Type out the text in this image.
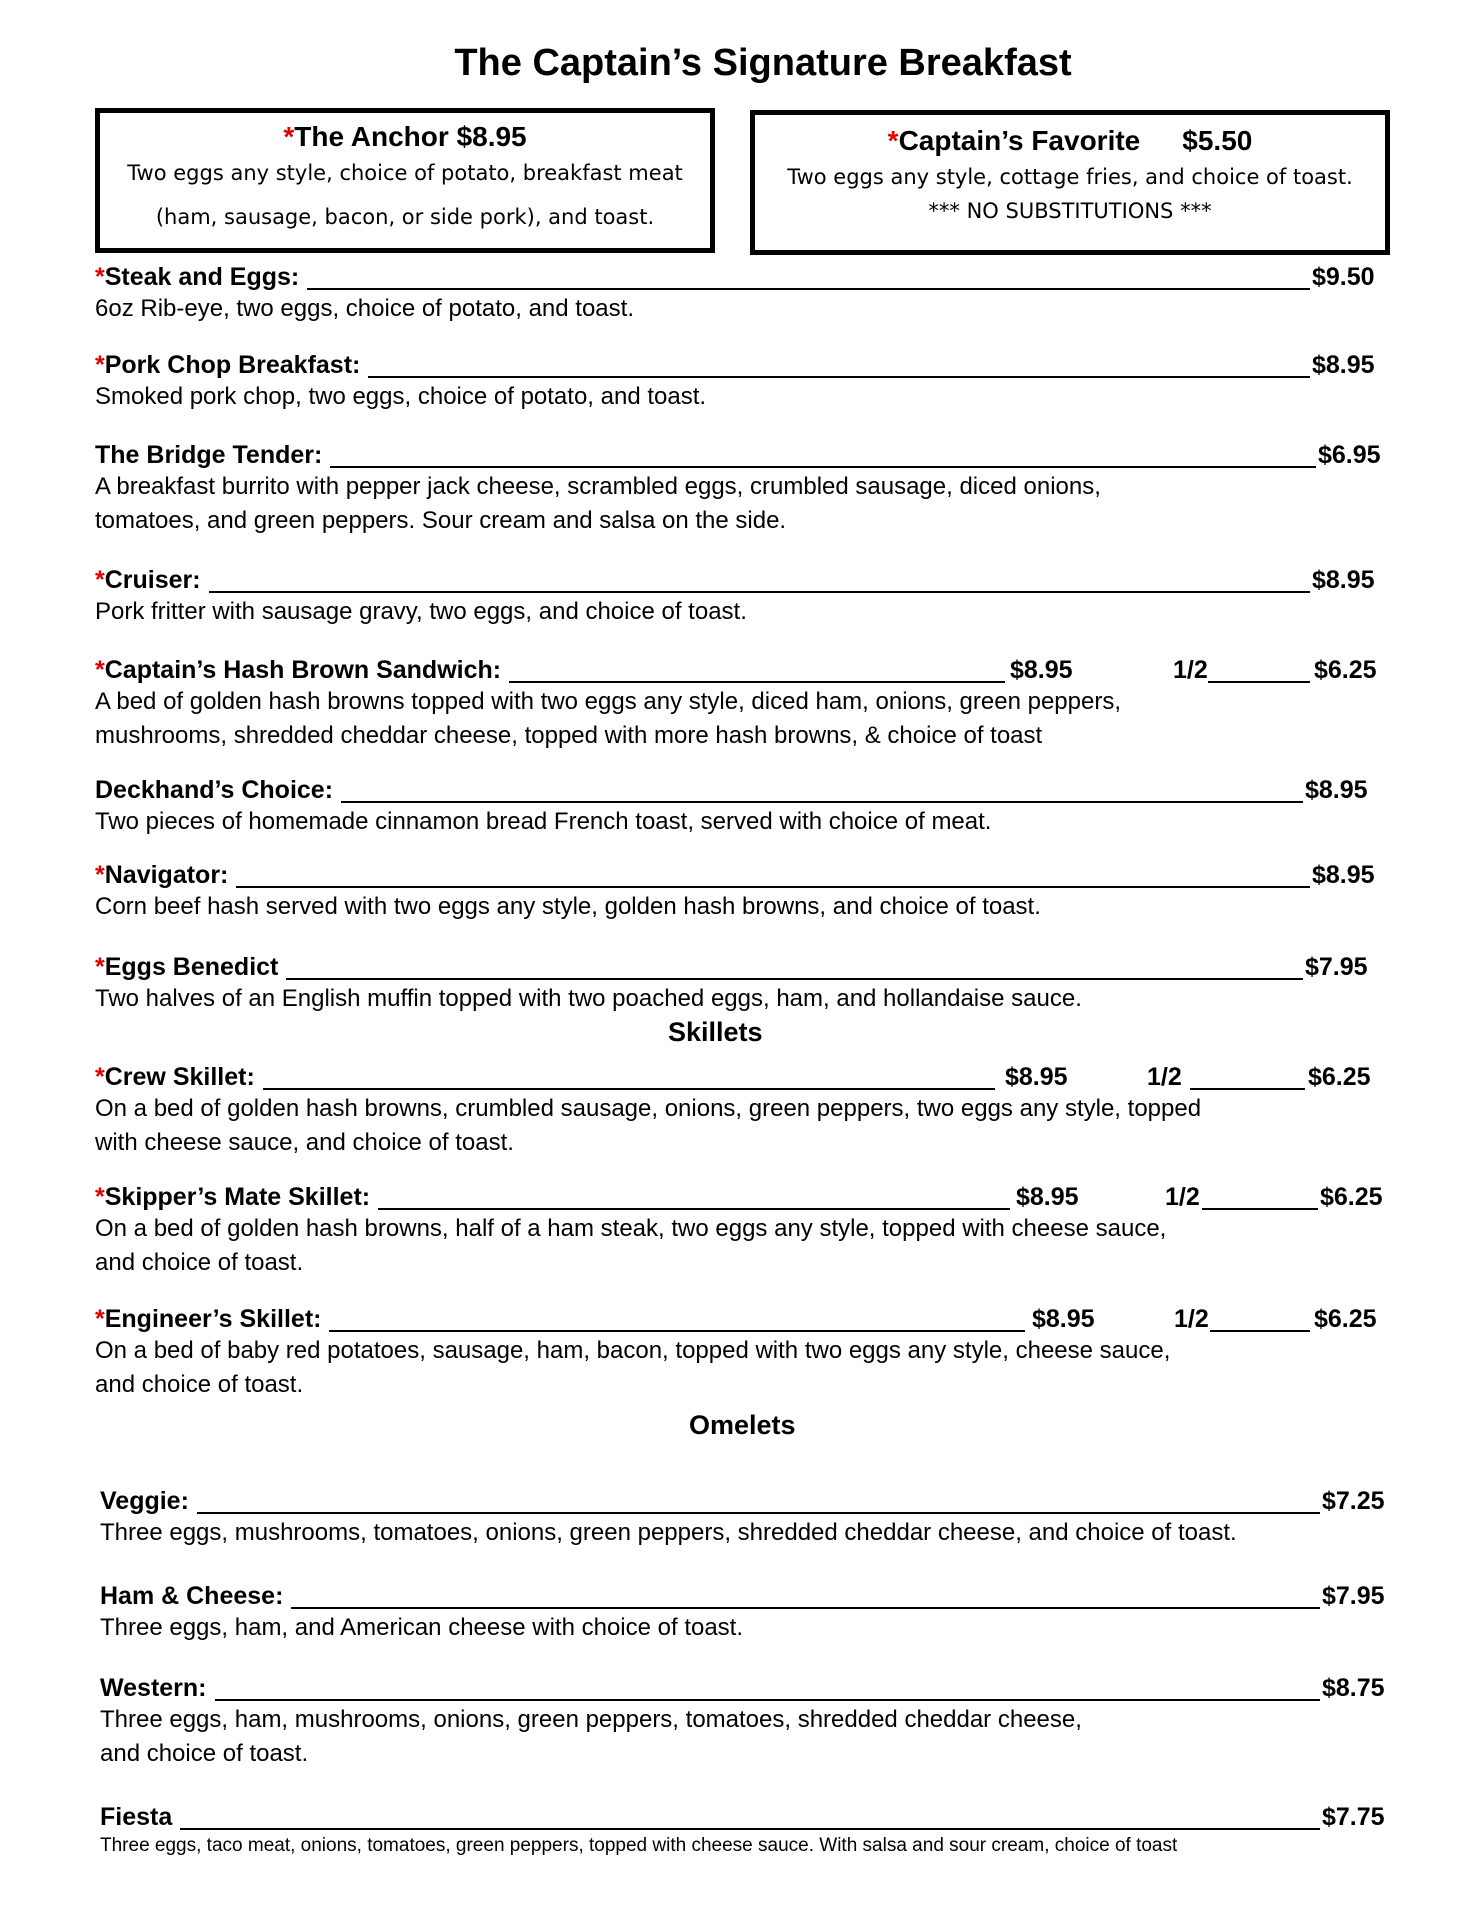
The Captain’s Signature Breakfast
*The Anchor $8.95
Two eggs any style, choice of potato, breakfast meat
(ham, sausage, bacon, or side pork), and toast.
*Captain’s Favorite $5.50
Two eggs any style, cottage fries, and choice of toast.
*** NO SUBSTITUTIONS ***
*Steak and Eggs:	$9.50
6oz Rib-eye, two eggs, choice of potato, and toast.
*Pork Chop Breakfast:	$8.95
Smoked pork chop, two eggs, choice of potato, and toast.
The Bridge Tender:	$6.95
A breakfast burrito with pepper jack cheese, scrambled eggs, crumbled sausage, diced onions,
tomatoes, and green peppers. Sour cream and salsa on the side.
*Cruiser:	$8.95
Pork fritter with sausage gravy, two eggs, and choice of toast.
*Captain’s Hash Brown Sandwich:	$8.95	1/2	$6.25
A bed of golden hash browns topped with two eggs any style, diced ham, onions, green peppers,
mushrooms, shredded cheddar cheese, topped with more hash browns, & choice of toast
Deckhand’s Choice:	$8.95
Two pieces of homemade cinnamon bread French toast, served with choice of meat.
*Navigator:	$8.95
Corn beef hash served with two eggs any style, golden hash browns, and choice of toast.
*Eggs Benedict	$7.95
Two halves of an English muffin topped with two poached eggs, ham, and hollandaise sauce.
*Crew Skillet:	$8.95	1/2	$6.25
On a bed of golden hash browns, crumbled sausage, onions, green peppers, two eggs any style, topped
with cheese sauce, and choice of toast.
*Skipper’s Mate Skillet:	$8.95	1/2	$6.25
On a bed of golden hash browns, half of a ham steak, two eggs any style, topped with cheese sauce,
and choice of toast.
*Engineer’s Skillet:	$8.95	1/2	$6.25
On a bed of baby red potatoes, sausage, ham, bacon, topped with two eggs any style, cheese sauce,
and choice of toast.
Veggie:	$7.25
Three eggs, mushrooms, tomatoes, onions, green peppers, shredded cheddar cheese, and choice of toast.
Ham & Cheese:	$7.95
Three eggs, ham, and American cheese with choice of toast.
Western:	$8.75
Three eggs, ham, mushrooms, onions, green peppers, tomatoes, shredded cheddar cheese,
and choice of toast.
Fiesta	$7.75
Three eggs, taco meat, onions, tomatoes, green peppers, topped with cheese sauce. With salsa and sour cream, choice of toast
Skillets
Omelets
